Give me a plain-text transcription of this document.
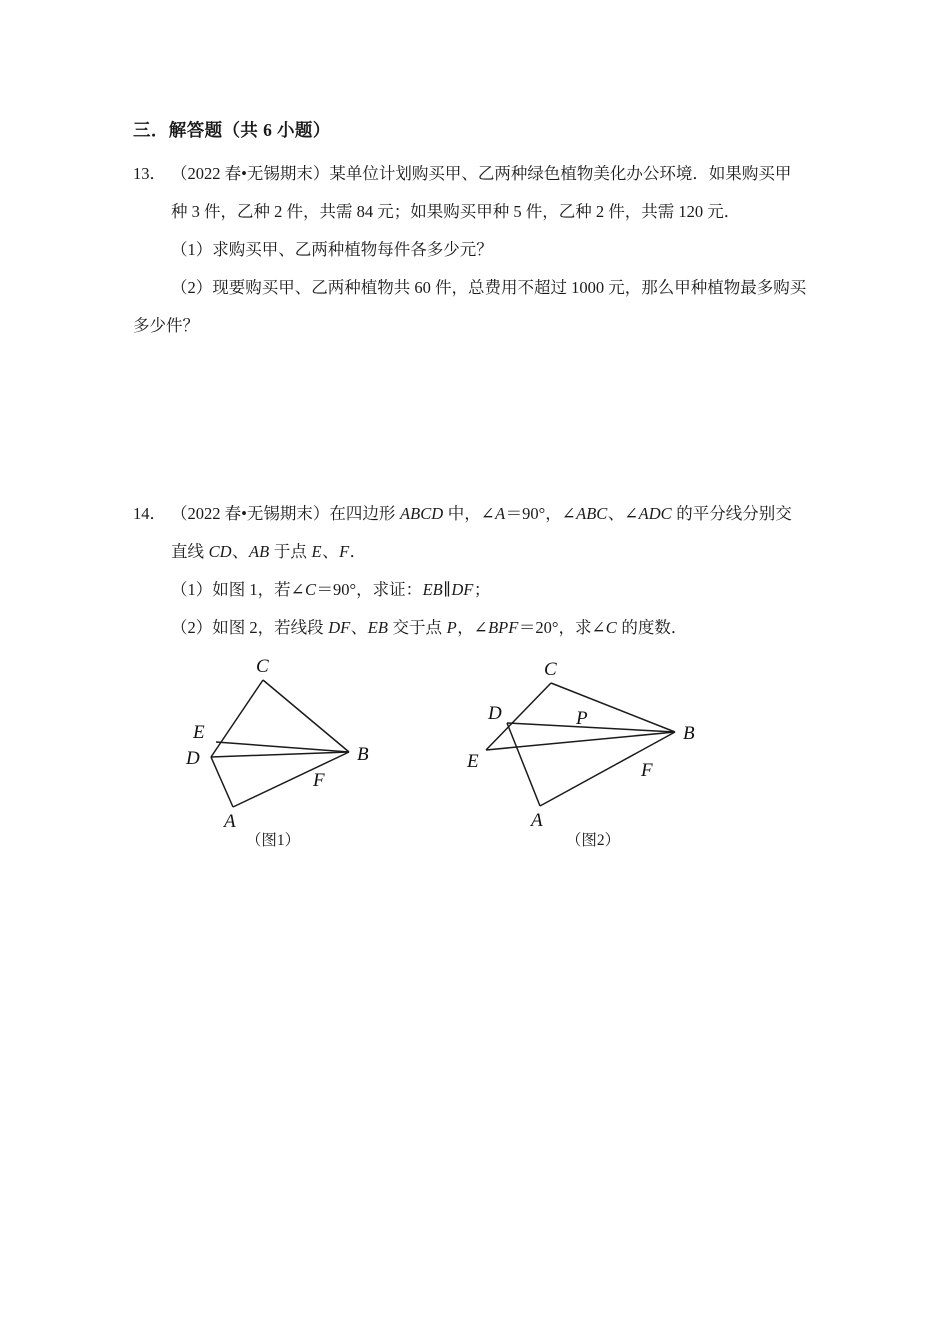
三．解答题（共 6 小题）
13． （2022 春•无锡期末）某单位计划购买甲、乙两种绿色植物美化办公环境．如果购买甲
种 3 件，乙种 2 件，共需 84 元；如果购买甲种 5 件，乙种 2 件，共需 120 元．
（1）求购买甲、乙两种植物每件各多少元？
（2）现要购买甲、乙两种植物共 60 件，总费用不超过 1000 元，那么甲种植物最多购买
多少件？
14． （2022 春•无锡期末）在四边形 ABCD 中，∠A＝90°，∠ABC、∠ADC 的平分线分别交
直线 CD、AB 于点 E、F．
（1）如图 1，若∠C＝90°，求证：EB∥DF；
（2）如图 2，若线段 DF、EB 交于点 P，∠BPF＝20°，求∠C 的度数．
C
E
D	B
F
A
（图1）
C
D	P
B
E	F
A
（图2）
